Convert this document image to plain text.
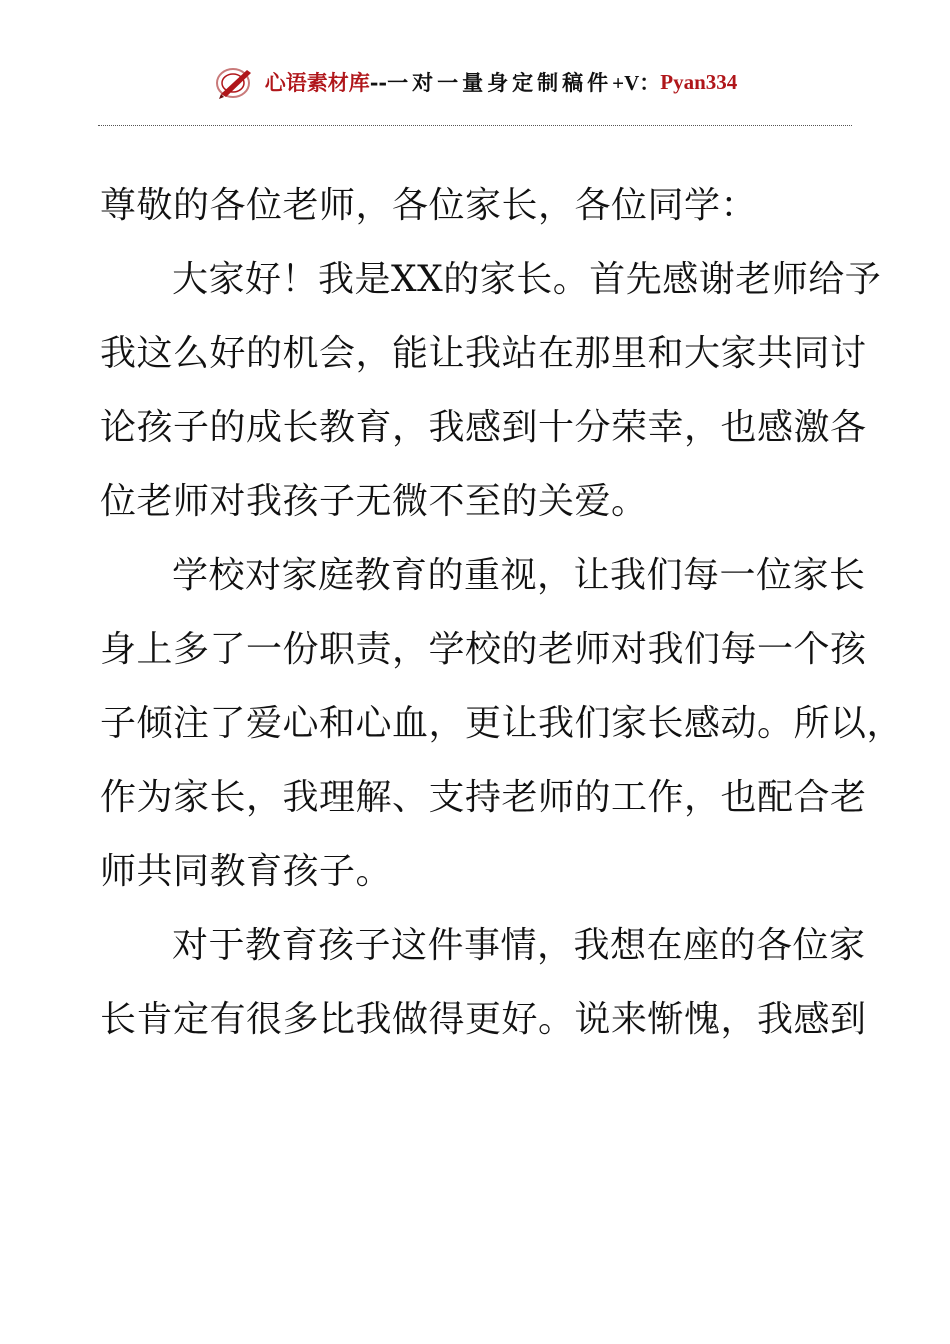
心语素材库 -- 一对一量身定制稿件 +V： Pyan334
尊敬的各位老师，各位家长，各位同学：
大家好！我是XX的家长。首先感谢老师给予
我这么好的机会，能让我站在那里和大家共同讨
论孩子的成长教育，我感到十分荣幸，也感激各
位老师对我孩子无微不至的关爱。
学校对家庭教育的重视，让我们每一位家长
身上多了一份职责，学校的老师对我们每一个孩
子倾注了爱心和心血，更让我们家长感动。所以，
作为家长，我理解、支持老师的工作，也配合老
师共同教育孩子。
对于教育孩子这件事情，我想在座的各位家
长肯定有很多比我做得更好。说来惭愧，我感到
